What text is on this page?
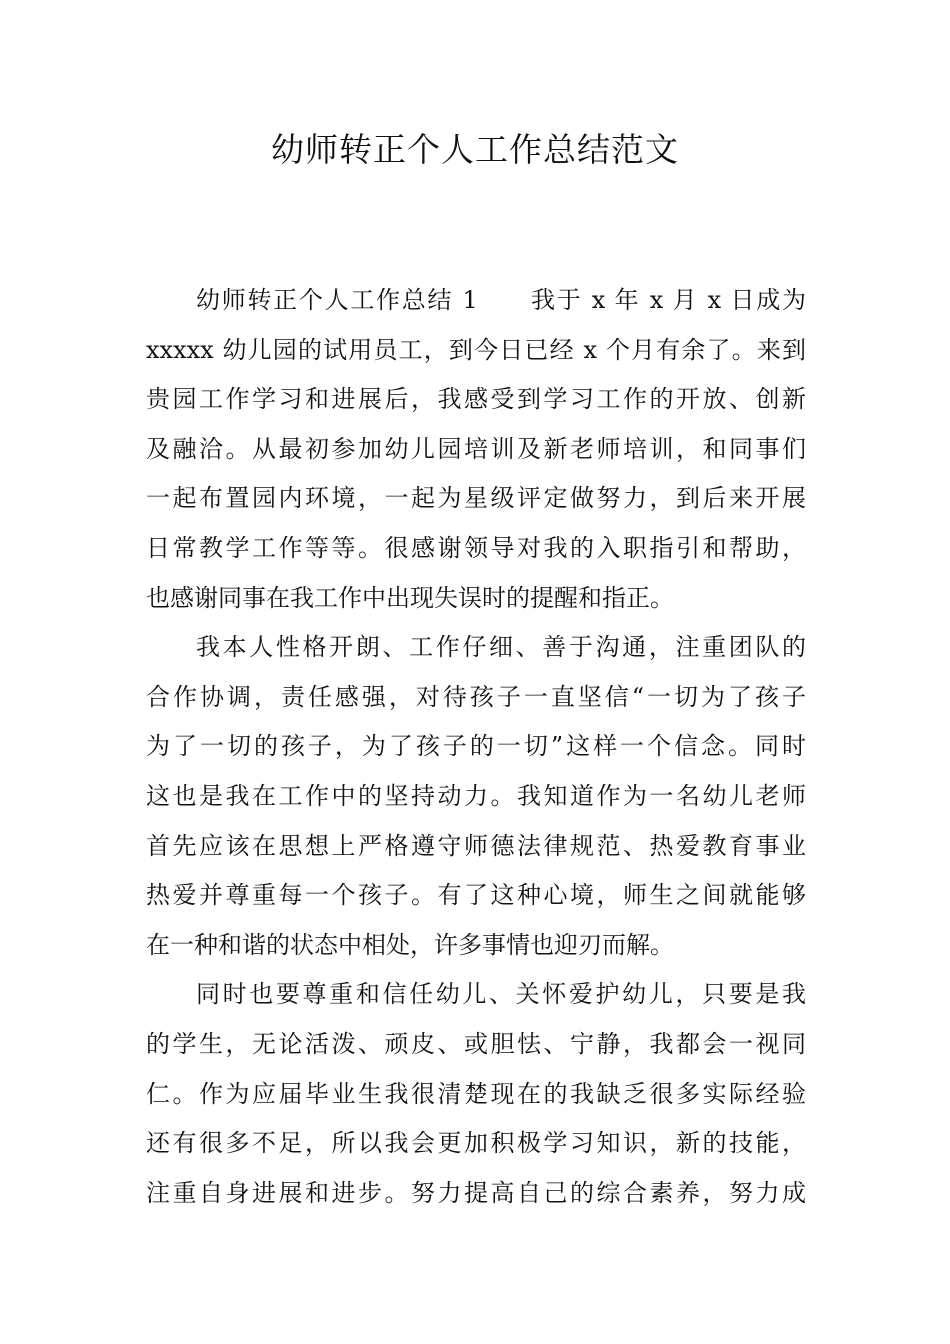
幼师转正个人工作总结范文
幼师转正个人工作总结 1　　我于 x 年 x 月 x 日成为
xxxxx 幼儿园的试用员工，到今日已经 x 个月有余了。来到
贵园工作学习和进展后，我感受到学习工作的开放、创新
及融洽。从最初参加幼儿园培训及新老师培训，和同事们
一起布置园内环境，一起为星级评定做努力，到后来开展
日常教学工作等等。很感谢领导对我的入职指引和帮助，
也感谢同事在我工作中出现失误时的提醒和指正。
我本人性格开朗、工作仔细、善于沟通，注重团队的
合作协调，责任感强，对待孩子一直坚信“一切为了孩子
为了一切的孩子，为了孩子的一切”这样一个信念。同时
这也是我在工作中的坚持动力。我知道作为一名幼儿老师
首先应该在思想上严格遵守师德法律规范、热爱教育事业
热爱并尊重每一个孩子。有了这种心境，师生之间就能够
在一种和谐的状态中相处，许多事情也迎刃而解。
同时也要尊重和信任幼儿、关怀爱护幼儿，只要是我
的学生，无论活泼、顽皮、或胆怯、宁静，我都会一视同
仁。作为应届毕业生我很清楚现在的我缺乏很多实际经验
还有很多不足，所以我会更加积极学习知识，新的技能，
注重自身进展和进步。努力提高自己的综合素养，努力成
